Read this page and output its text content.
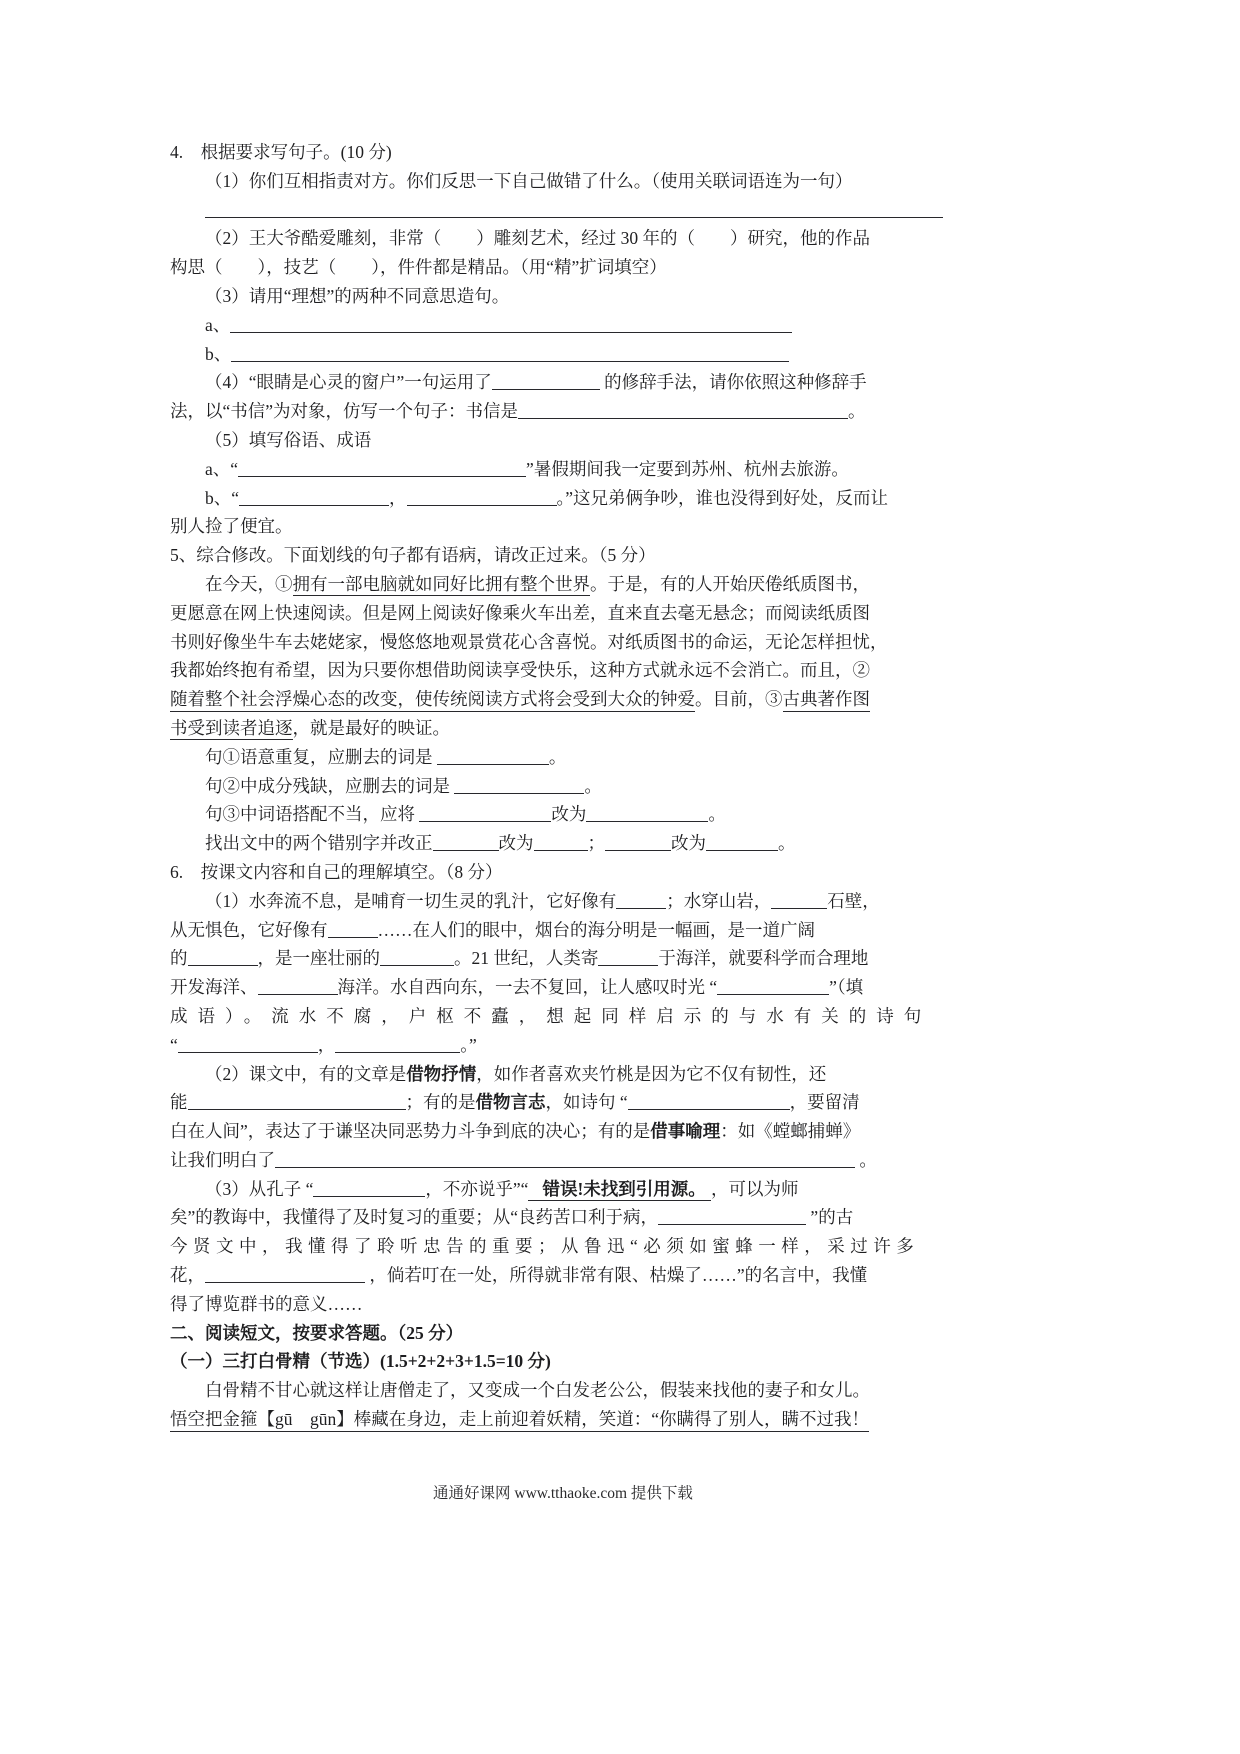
4.　根据要求写句子。(10 分)

（1）你们互相指责对方。你们反思一下自己做错了什么。（使用关联词语连为一句）

（2）王大爷酷爱雕刻，非常（　　）雕刻艺术，经过 30 年的（　　）研究，他的作品

构思（　　），技艺（　　），件件都是精品。（用“精”扩词填空）

（3）请用“理想”的两种不同意思造句。

a、

b、

（4）“眼睛是心灵的窗户”一句运用了	的修辞手法，请你依照这种修辞手

法，以“书信”为对象，仿写一个句子：书信是	。

（5）填写俗语、成语

a、“	”暑假期间我一定要到苏州、杭州去旅游。

b、“	，	。”这兄弟俩争吵，谁也没得到好处，反而让

别人捡了便宜。

5、综合修改。下面划线的句子都有语病，请改正过来。（5 分）

在今天，①拥有一部电脑就如同好比拥有整个世界。于是，有的人开始厌倦纸质图书，

更愿意在网上快速阅读。但是网上阅读好像乘火车出差，直来直去毫无悬念；而阅读纸质图

书则好像坐牛车去姥姥家，慢悠悠地观景赏花心含喜悦。对纸质图书的命运，无论怎样担忧，

我都始终抱有希望，因为只要你想借助阅读享受快乐，这种方式就永远不会消亡。而且，②

随着整个社会浮燥心态的改变，使传统阅读方式将会受到大众的钟爱。目前，③古典著作图

书受到读者追逐，就是最好的映证。

句①语意重复，应删去的词是	。

句②中成分残缺，应删去的词是	。

句③中词语搭配不当，应将	改为	。

找出文中的两个错别字并改正	改为	；	改为	。

6.　按课文内容和自己的理解填空。（8 分）

（1）水奔流不息，是哺育一切生灵的乳汁，它好像有	；水穿山岩，	石壁，

从无惧色，它好像有	……在人们的眼中，烟台的海分明是一幅画，是一道广阔

的	，是一座壮丽的	。21 世纪，人类寄	于海洋，就要科学而合理地

开发海洋、	海洋。水自西向东，一去不复回，让人感叹时光 “	”（填

成语）。流水不腐，户枢不蠹，想起同样启示的与水有关的诗句

“	，	。”

（2）课文中，有的文章是借物抒情，如作者喜欢夹竹桃是因为它不仅有韧性，还

能	；有的是借物言志，如诗句 “	，要留清

白在人间”，表达了于谦坚决同恶势力斗争到底的决心；有的是借事喻理：如《螳螂捕蝉》

让我们明白了	。

（3）从孔子 “	，不亦说乎”“ 错误!未找到引用源。 ，可以为师

矣”的教诲中，我懂得了及时复习的重要；从“良药苦口利于病，	”的古

今贤文中，我懂得了聆听忠告的重要；从鲁迅“必须如蜜蜂一样，采过许多

花，	，倘若叮在一处，所得就非常有限、枯燥了……”的名言中，我懂

得了博览群书的意义……

二、阅读短文，按要求答题。（25 分）

（一）三打白骨精（节选）(1.5+2+2+3+1.5=10 分)

白骨精不甘心就这样让唐僧走了，又变成一个白发老公公，假装来找他的妻子和女儿。

悟空把金箍【gū　gūn】棒藏在身边，走上前迎着妖精，笑道：“你瞒得了别人，瞒不过我！

通通好课网 www.tthaoke.com 提供下载
